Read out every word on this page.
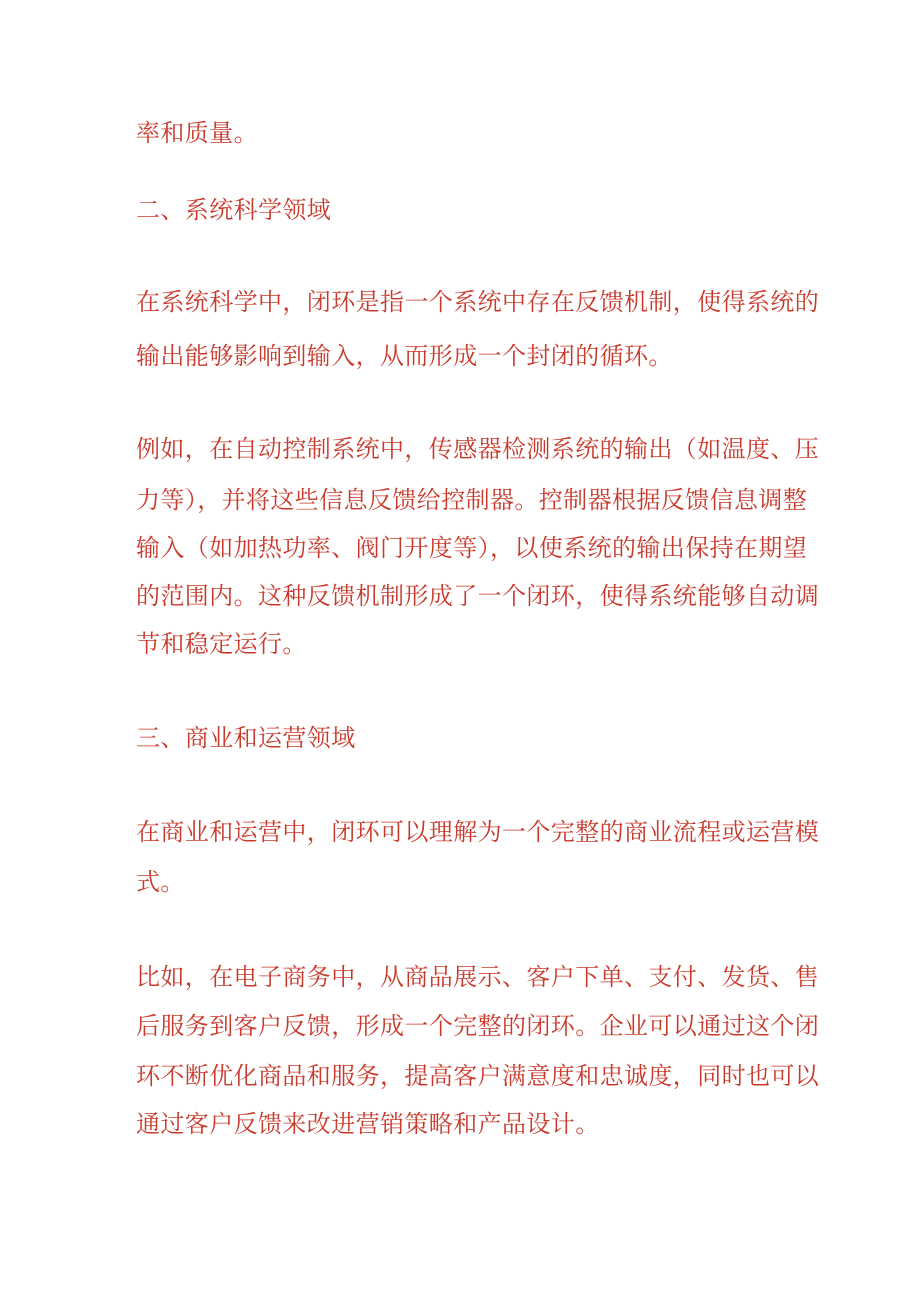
率和质量。

二、系统科学领域

在系统科学中，闭环是指一个系统中存在反馈机制，使得系统的

输出能够影响到输入，从而形成一个封闭的循环。

例如，在自动控制系统中，传感器检测系统的输出（如温度、压

力等），并将这些信息反馈给控制器。控制器根据反馈信息调整

输入（如加热功率、阀门开度等），以使系统的输出保持在期望

的范围内。这种反馈机制形成了一个闭环，使得系统能够自动调

节和稳定运行。

三、商业和运营领域

在商业和运营中，闭环可以理解为一个完整的商业流程或运营模

式。

比如，在电子商务中，从商品展示、客户下单、支付、发货、售

后服务到客户反馈，形成一个完整的闭环。企业可以通过这个闭

环不断优化商品和服务，提高客户满意度和忠诚度，同时也可以

通过客户反馈来改进营销策略和产品设计。
